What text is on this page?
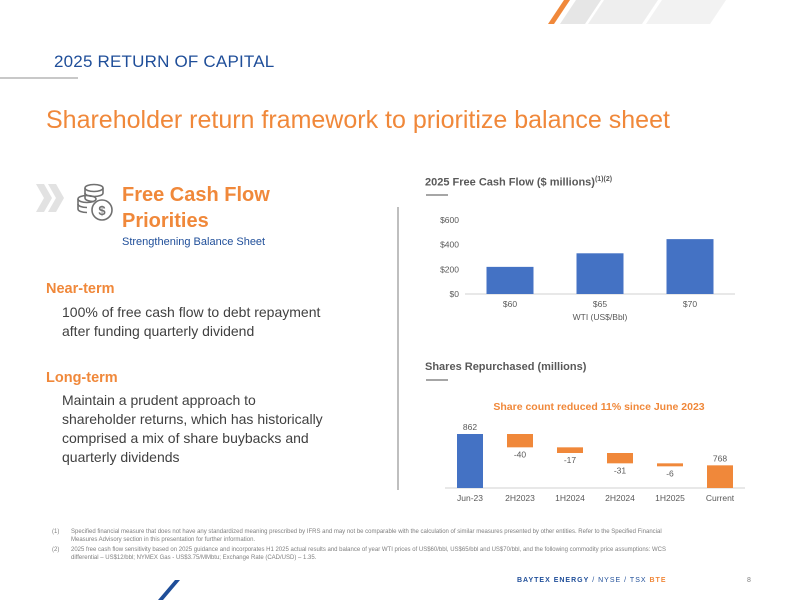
2025 RETURN OF CAPITAL
Shareholder return framework to prioritize balance sheet
$
Free Cash Flow Priorities
Strengthening Balance Sheet
Near-term
100% of free cash flow to debt repayment
after funding quarterly dividend
Long-term
Maintain a prudent approach to
shareholder returns, which has historically
comprised a mix of share buybacks and
quarterly dividends
2025 Free Cash Flow ($ millions)$^{(1)(2)}$
$0
$200
$400
$600
$60	$65	$70
WTI (US$/Bbl)
Shares Repurchased (millions)
Share count reduced 11% since June 2023
862
Jun-23
-40
2H2023
-17
1H2024
-31
2H2024
-6
1H2025
768
Current
(1) Specified financial measure that does not have any standardized meaning prescribed by IFRS and may not be comparable with the calculation of similar measures presented by other entities. Refer to the Specified Financial
Measures Advisory section in this presentation for further information.
(2) 2025 free cash flow sensitivity based on 2025 guidance and incorporates H1 2025 actual results and balance of year WTI prices of US$60/bbl, US$65/bbl and US$70/bbl, and the following commodity price assumptions: WCS
differential – US$12/bbl; NYMEX Gas - US$3.75/MMbtu; Exchange Rate (CAD/USD) – 1.35.
BAYTEX ENERGY / NYSE / TSX BTE	8
